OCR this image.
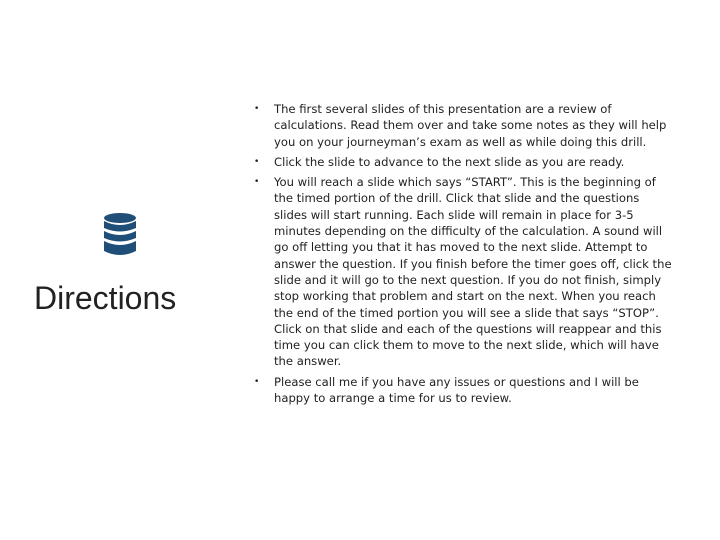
Directions
• The first several slides of this presentation are a review of calculations. Read them over and take some notes as they will help you on your journeyman’s exam as well as while doing this drill.
• Click the slide to advance to the next slide as you are ready.
• You will reach a slide which says “START”. This is the beginning of the timed portion of the drill. Click that slide and the questions slides will start running. Each slide will remain in place for 3-5 minutes depending on the difficulty of the calculation. A sound will go off letting you that it has moved to the next slide. Attempt to answer the question. If you finish before the timer goes off, click the slide and it will go to the next question. If you do not finish, simply stop working that problem and start on the next. When you reach the end of the timed portion you will see a slide that says “STOP”. Click on that slide and each of the questions will reappear and this time you can click them to move to the next slide, which will have the answer.
• Please call me if you have any issues or questions and I will be happy to arrange a time for us to review.
